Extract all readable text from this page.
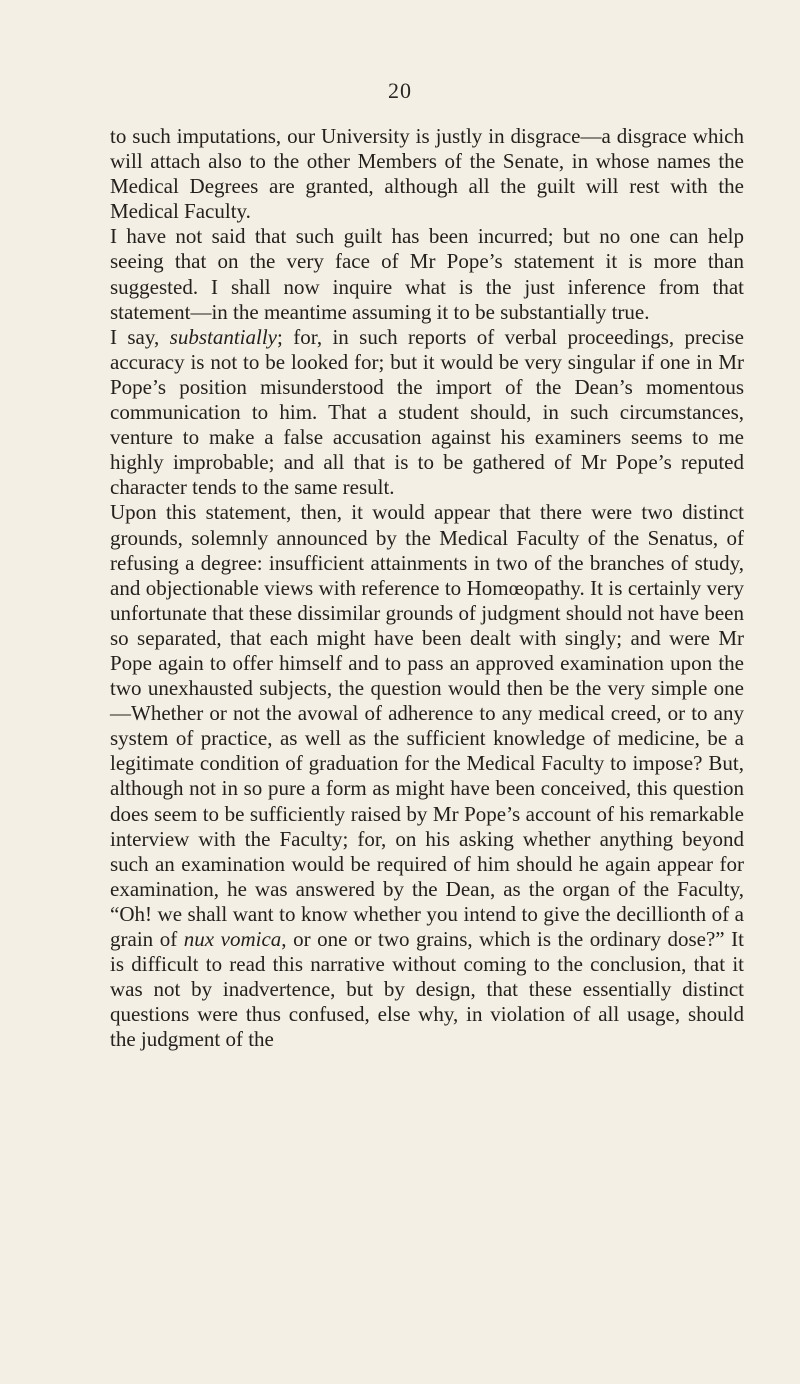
20

to such imputations, our University is justly in disgrace—a disgrace which will attach also to the other Members of the Senate, in whose names the Medical Degrees are granted, although all the guilt will rest with the Medical Faculty.

I have not said that such guilt has been incurred; but no one can help seeing that on the very face of Mr Pope’s statement it is more than suggested. I shall now inquire what is the just inference from that statement—in the meantime assuming it to be substantially true.

I say, substantially; for, in such reports of verbal proceedings, precise accuracy is not to be looked for; but it would be very singular if one in Mr Pope’s position misunderstood the import of the Dean’s momentous communication to him. That a student should, in such circumstances, venture to make a false accusation against his examiners seems to me highly improbable; and all that is to be gathered of Mr Pope’s reputed character tends to the same result.

Upon this statement, then, it would appear that there were two distinct grounds, solemnly announced by the Medical Faculty of the Senatus, of refusing a degree: insufficient attainments in two of the branches of study, and objectionable views with reference to Homœopathy. It is certainly very unfortunate that these dissimilar grounds of judgment should not have been so separated, that each might have been dealt with singly; and were Mr Pope again to offer himself and to pass an approved examination upon the two unexhausted subjects, the question would then be the very simple one—Whether or not the avowal of adherence to any medical creed, or to any system of practice, as well as the sufficient knowledge of medicine, be a legitimate condition of graduation for the Medical Faculty to impose? But, although not in so pure a form as might have been conceived, this question does seem to be sufficiently raised by Mr Pope’s account of his remarkable interview with the Faculty; for, on his asking whether anything beyond such an examination would be required of him should he again appear for examination, he was answered by the Dean, as the organ of the Faculty, “Oh! we shall want to know whether you intend to give the decillionth of a grain of nux vomica, or one or two grains, which is the ordinary dose?” It is difficult to read this narrative without coming to the conclusion, that it was not by inadvertence, but by design, that these essentially distinct questions were thus confused, else why, in violation of all usage, should the judgment of the
